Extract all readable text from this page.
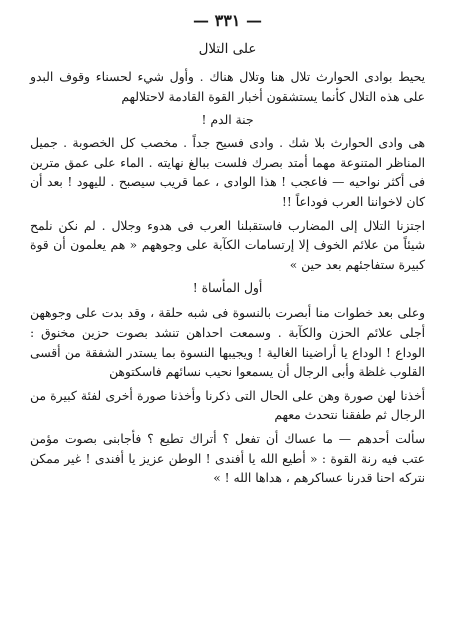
— ٣٣١ —
على التلال

يحيط بوادى الحوارث تلال هنا وتلال هناك . وأول شيء لحسناء وقوف البدو على هذه التلال كأنما يستشقون أخبار القوة القادمة لاحتلالهم

جنة الدم !

هى وادى الحوارث بلا شك . وادى فسيح جداً . مخصب كل الخصوبة . جميل المناظر المتنوعة مهما أمتد بصرك فلست ببالغ نهايته . الماء على عمق مترين فى أكثر نواحيه — فاعجب ! هذا الوادى ، عما قريب سيصبح . لليهود ! بعد أن كان لاخواننا العرب فوداعاً !!

اجتزنا التلال إلى المضارب فاستقبلنا العرب فى هدوء وجلال . لم نكن نلمح شيئاً من علائم الخوف إلا إرتسامات الكآبة على وجوههم « هم يعلمون أن قوة كبيرة ستفاجئهم بعد حين »

أول المأساة !

وعلى بعد خطوات منا أبصرت بالنسوة فى شبه حلقة ، وقد بدت على وجوههن أجلى علائم الحزن والكآبة . وسمعت احداهن تنشد بصوت حزين مخنوق : الوداع ! الوداع يا أراضينا الغالية ! ويجيبها النسوة بما يستدر الشفقة من أقسى القلوب غلظة وأبى الرجال أن يسمعوا نحيب نسائهم فاسكتوهن

أخذنا لهن صورة وهن على الحال التى ذكرنا وأخذنا صورة أخرى لفئة كبيرة من الرجال ثم طفقنا نتحدث معهم

سألت أحدهم — ما عساك أن تفعل ؟ أتراك تطيع ؟ فأجابنى بصوت مؤمن عتب فيه رنة القوة : « أطيع الله يا أفندى ! الوطن عزيز يا أفندى ! غير ممكن نتركه احنا قدرنا عساكرهم ، هداها الله ! »
